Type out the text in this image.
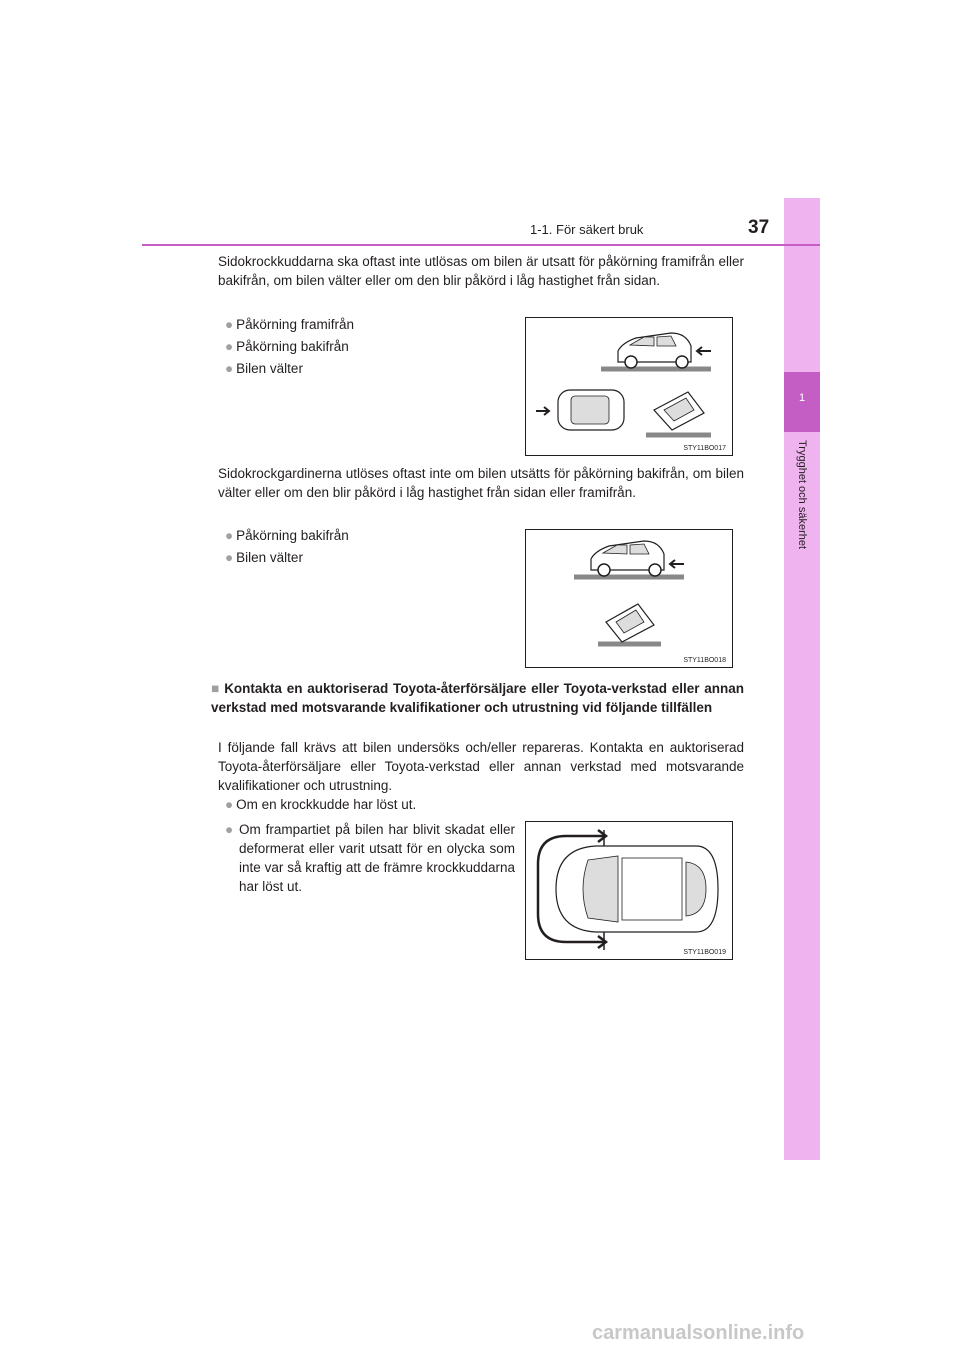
1
Trygghet och säkerhet
1-1. För säkert bruk	37
Sidokrockkuddarna ska oftast inte utlösas om bilen är utsatt för påkörning framifrån eller bakifrån, om bilen välter eller om den blir påkörd i låg hastighet från sidan.
● Påkörning framifrån
● Påkörning bakifrån
● Bilen välter
STY11BO017
Sidokrockgardinerna utlöses oftast inte om bilen utsätts för påkörning bakifrån, om bilen välter eller om den blir påkörd i låg hastighet från sidan eller framifrån.
● Påkörning bakifrån
● Bilen välter
STY11BO018
■ Kontakta en auktoriserad Toyota-återförsäljare eller Toyota-verkstad eller annan verkstad med motsvarande kvalifikationer och utrustning vid följande tillfällen
I följande fall krävs att bilen undersöks och/eller repareras. Kontakta en auktoriserad Toyota-återförsäljare eller Toyota-verkstad eller annan verkstad med motsvarande kvalifikationer och utrustning.
● Om en krockkudde har löst ut.
● Om frampartiet på bilen har blivit skadat eller deformerat eller varit utsatt för en olycka som inte var så kraftig att de främre krockkuddarna har löst ut.
STY11BO019
carmanualsonline.info
